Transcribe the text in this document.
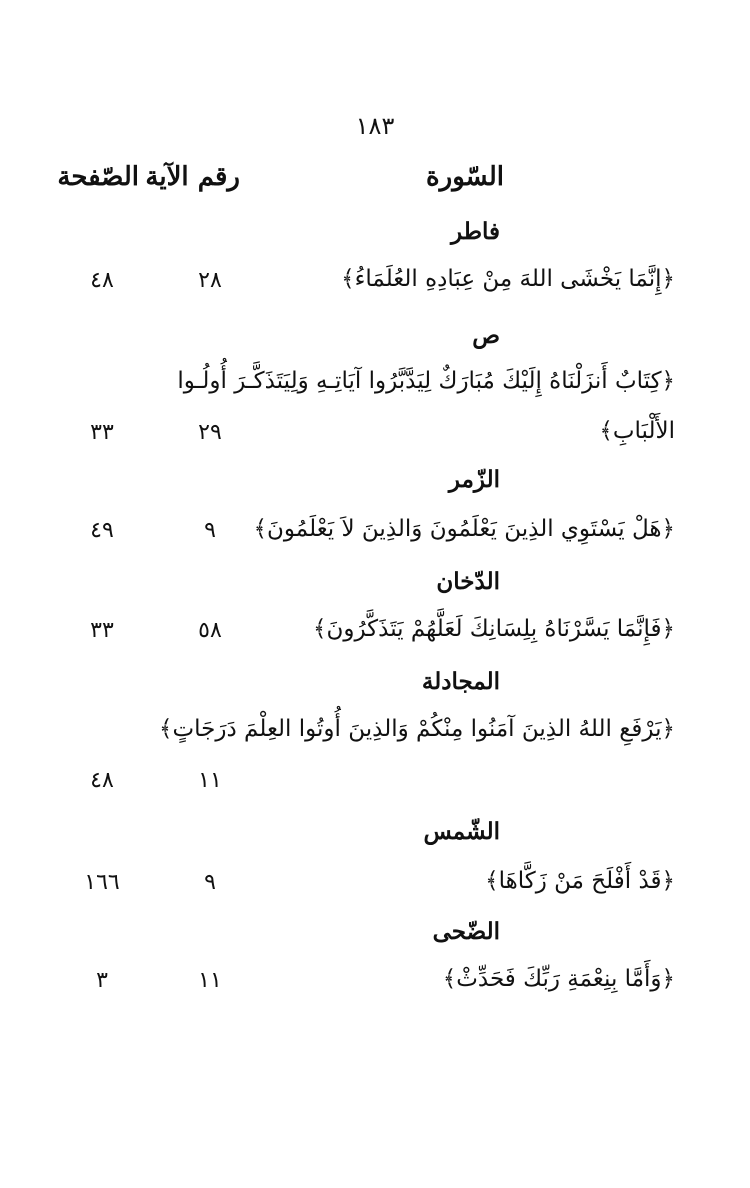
١٨٣
السّورة
رقم الآية
الصّفحة
فاطر
﴿إِنَّمَا يَخْشَى اللهَ مِنْ عِبَادِهِ العُلَمَاءُ﴾
٢٨
٤٨
ص
﴿كِتَابٌ أَنزَلْنَاهُ إِلَيْكَ مُبَارَكٌ لِيَدَّبَّرُوا آيَاتِـهِ وَلِيَتَذَكَّـرَ أُولُـوا
الأَلْبَابِ﴾
٢٩
٣٣
الزّمر
﴿هَلْ يَسْتَوِي الذِينَ يَعْلَمُونَ وَالذِينَ لاَ يَعْلَمُونَ﴾
٩
٤٩
الدّخان
﴿فَإِنَّمَا يَسَّرْنَاهُ بِلِسَانِكَ لَعَلَّهُمْ يَتَذَكَّرُونَ﴾
٥٨
٣٣
المجادلة
﴿يَرْفَعِ اللهُ الذِينَ آمَنُوا مِنْكُمْ وَالذِينَ أُوتُوا العِلْمَ دَرَجَاتٍ﴾
١١
٤٨
الشّمس
﴿قَدْ أَفْلَحَ مَنْ زَكَّاهَا﴾
٩
١٦٦
الضّحى
﴿وَأَمَّا بِنِعْمَةِ رَبِّكَ فَحَدِّثْ﴾
١١
٣
